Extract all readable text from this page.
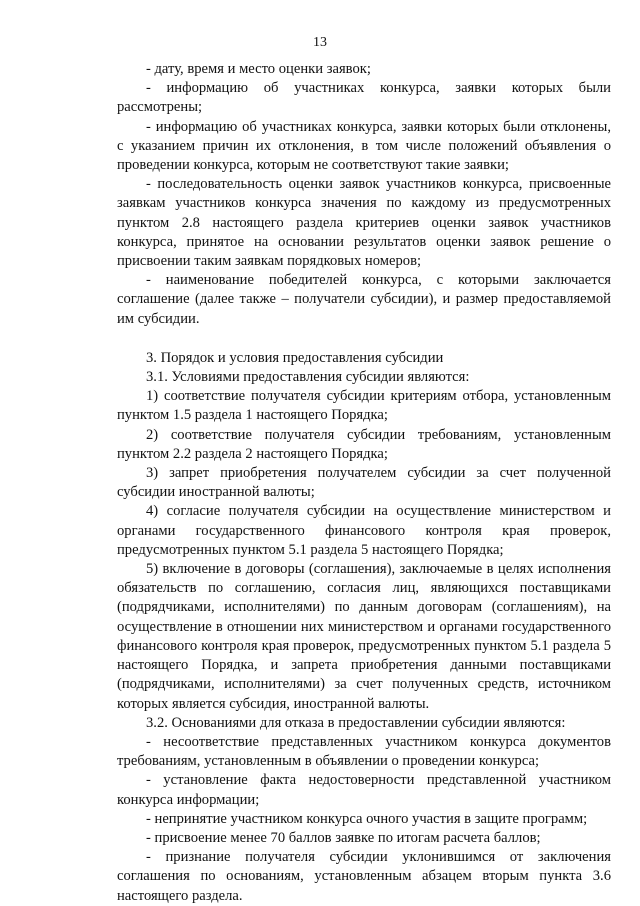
13

- дату, время и место оценки заявок;

- информацию об участниках конкурса, заявки которых были рассмотрены;

- информацию об участниках конкурса, заявки которых были отклонены, с указанием причин их отклонения, в том числе положений объявления о проведении конкурса, которым не соответствуют такие заявки;

- последовательность оценки заявок участников конкурса, присвоенные заявкам участников конкурса значения по каждому из предусмотренных пунктом 2.8 настоящего раздела критериев оценки заявок участников конкурса, принятое на основании результатов оценки заявок решение о присвоении таким заявкам порядковых номеров;

- наименование победителей конкурса, с которыми заключается соглашение (далее также – получатели субсидии), и размер предоставляемой им субсидии.

3. Порядок и условия предоставления субсидии

3.1. Условиями предоставления субсидии являются:

1) соответствие получателя субсидии критериям отбора, установленным пунктом 1.5 раздела 1 настоящего Порядка;

2) соответствие получателя субсидии требованиям, установленным пунктом 2.2 раздела 2 настоящего Порядка;

3) запрет приобретения получателем субсидии за счет полученной субсидии иностранной валюты;

4) согласие получателя субсидии на осуществление министерством и органами государственного финансового контроля края проверок, предусмотренных пунктом 5.1 раздела 5 настоящего Порядка;

5) включение в договоры (соглашения), заключаемые в целях исполнения обязательств по соглашению, согласия лиц, являющихся поставщиками (подрядчиками, исполнителями) по данным договорам (соглашениям), на осуществление в отношении них министерством и органами государственного финансового контроля края проверок, предусмотренных пунктом 5.1 раздела 5 настоящего Порядка, и запрета приобретения данными поставщиками (подрядчиками, исполнителями) за счет полученных средств, источником которых является субсидия, иностранной валюты.

3.2. Основаниями для отказа в предоставлении субсидии являются:

- несоответствие представленных участником конкурса документов требованиям, установленным в объявлении о проведении конкурса;

- установление факта недостоверности представленной участником конкурса информации;

- непринятие участником конкурса очного участия в защите программ;

- присвоение менее 70 баллов заявке по итогам расчета баллов;

- признание получателя субсидии уклонившимся от заключения соглашения по основаниям, установленным абзацем вторым пункта 3.6 настоящего раздела.
